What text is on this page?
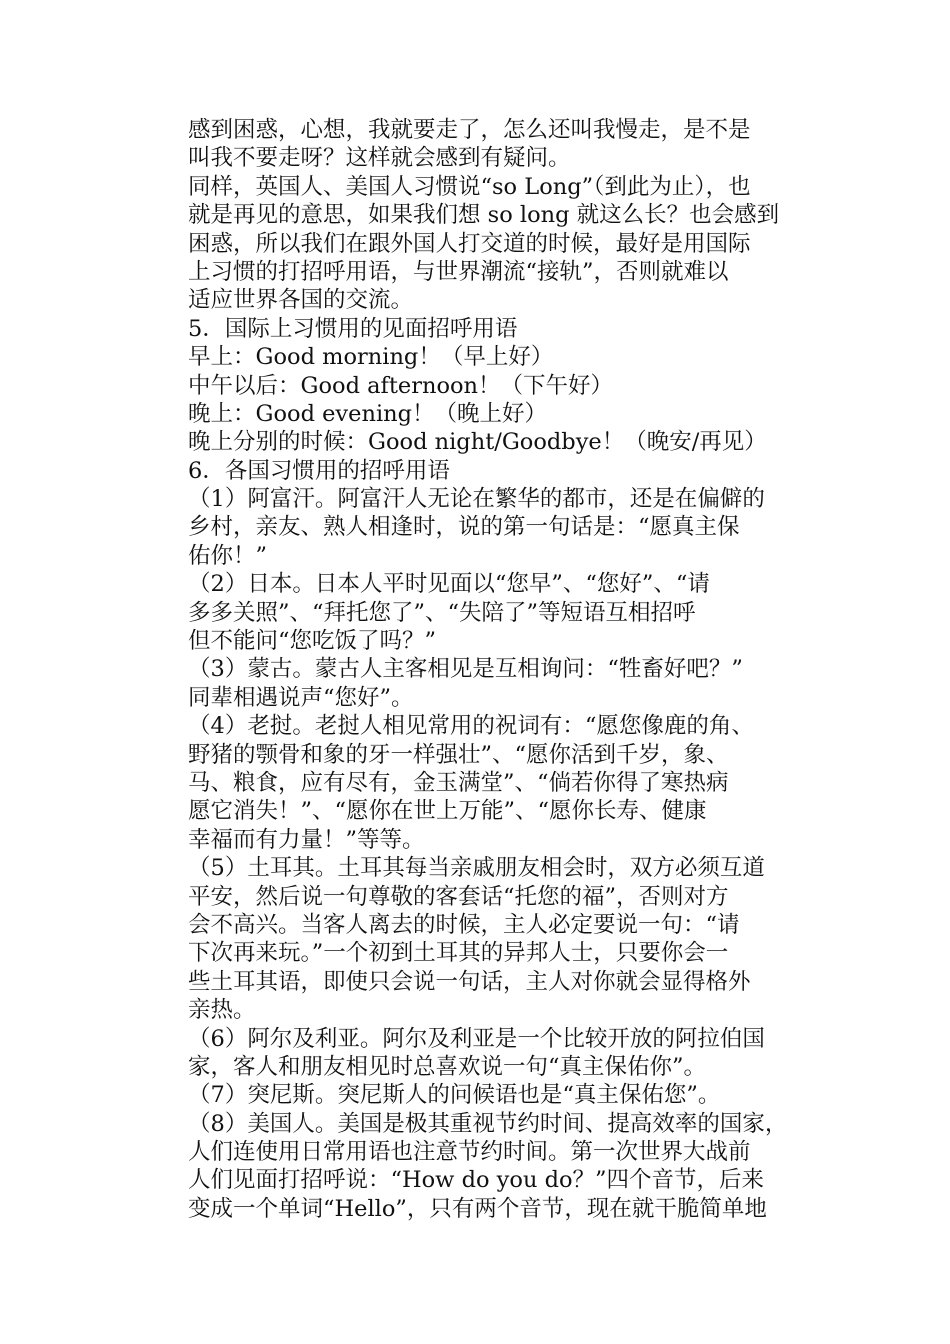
感到困惑，心想，我就要走了，怎么还叫我慢走，是不是
叫我不要走呀？这样就会感到有疑问。
同样，英国人、美国人习惯说“so Long”（到此为止），也
就是再见的意思，如果我们想 so long 就这么长？也会感到
困惑，所以我们在跟外国人打交道的时候，最好是用国际
上习惯的打招呼用语，与世界潮流“接轨”，否则就难以
适应世界各国的交流。
5．国际上习惯用的见面招呼用语
早上：Good morning！（早上好）
中午以后：Good afternoon！（下午好）
晚上：Good evening！（晚上好）
晚上分别的时候：Good night/Goodbye！（晚安/再见）
6．各国习惯用的招呼用语
（1）阿富汗。阿富汗人无论在繁华的都市，还是在偏僻的
乡村，亲友、熟人相逢时，说的第一句话是：“愿真主保
佑你！”
（2）日本。日本人平时见面以“您早”、“您好”、“请
多多关照”、“拜托您了”、“失陪了”等短语互相招呼
但不能问“您吃饭了吗？”
（3）蒙古。蒙古人主客相见是互相询问：“牲畜好吧？”
同辈相遇说声“您好”。
（4）老挝。老挝人相见常用的祝词有：“愿您像鹿的角、
野猪的颚骨和象的牙一样强壮”、“愿你活到千岁，象、
马、粮食，应有尽有，金玉满堂”、“倘若你得了寒热病
愿它消失！”、“愿你在世上万能”、“愿你长寿、健康
幸福而有力量！”等等。
（5）土耳其。土耳其每当亲戚朋友相会时，双方必须互道
平安，然后说一句尊敬的客套话“托您的福”，否则对方
会不高兴。当客人离去的时候，主人必定要说一句：“请
下次再来玩。”一个初到土耳其的异邦人士，只要你会一
些土耳其语，即使只会说一句话，主人对你就会显得格外
亲热。
（6）阿尔及利亚。阿尔及利亚是一个比较开放的阿拉伯国
家，客人和朋友相见时总喜欢说一句“真主保佑你”。
（7）突尼斯。突尼斯人的问候语也是“真主保佑您”。
（8）美国人。美国是极其重视节约时间、提高效率的国家，
人们连使用日常用语也注意节约时间。第一次世界大战前
人们见面打招呼说：“How do you do？”四个音节，后来
变成一个单词“Hello”，只有两个音节，现在就干脆简单地
